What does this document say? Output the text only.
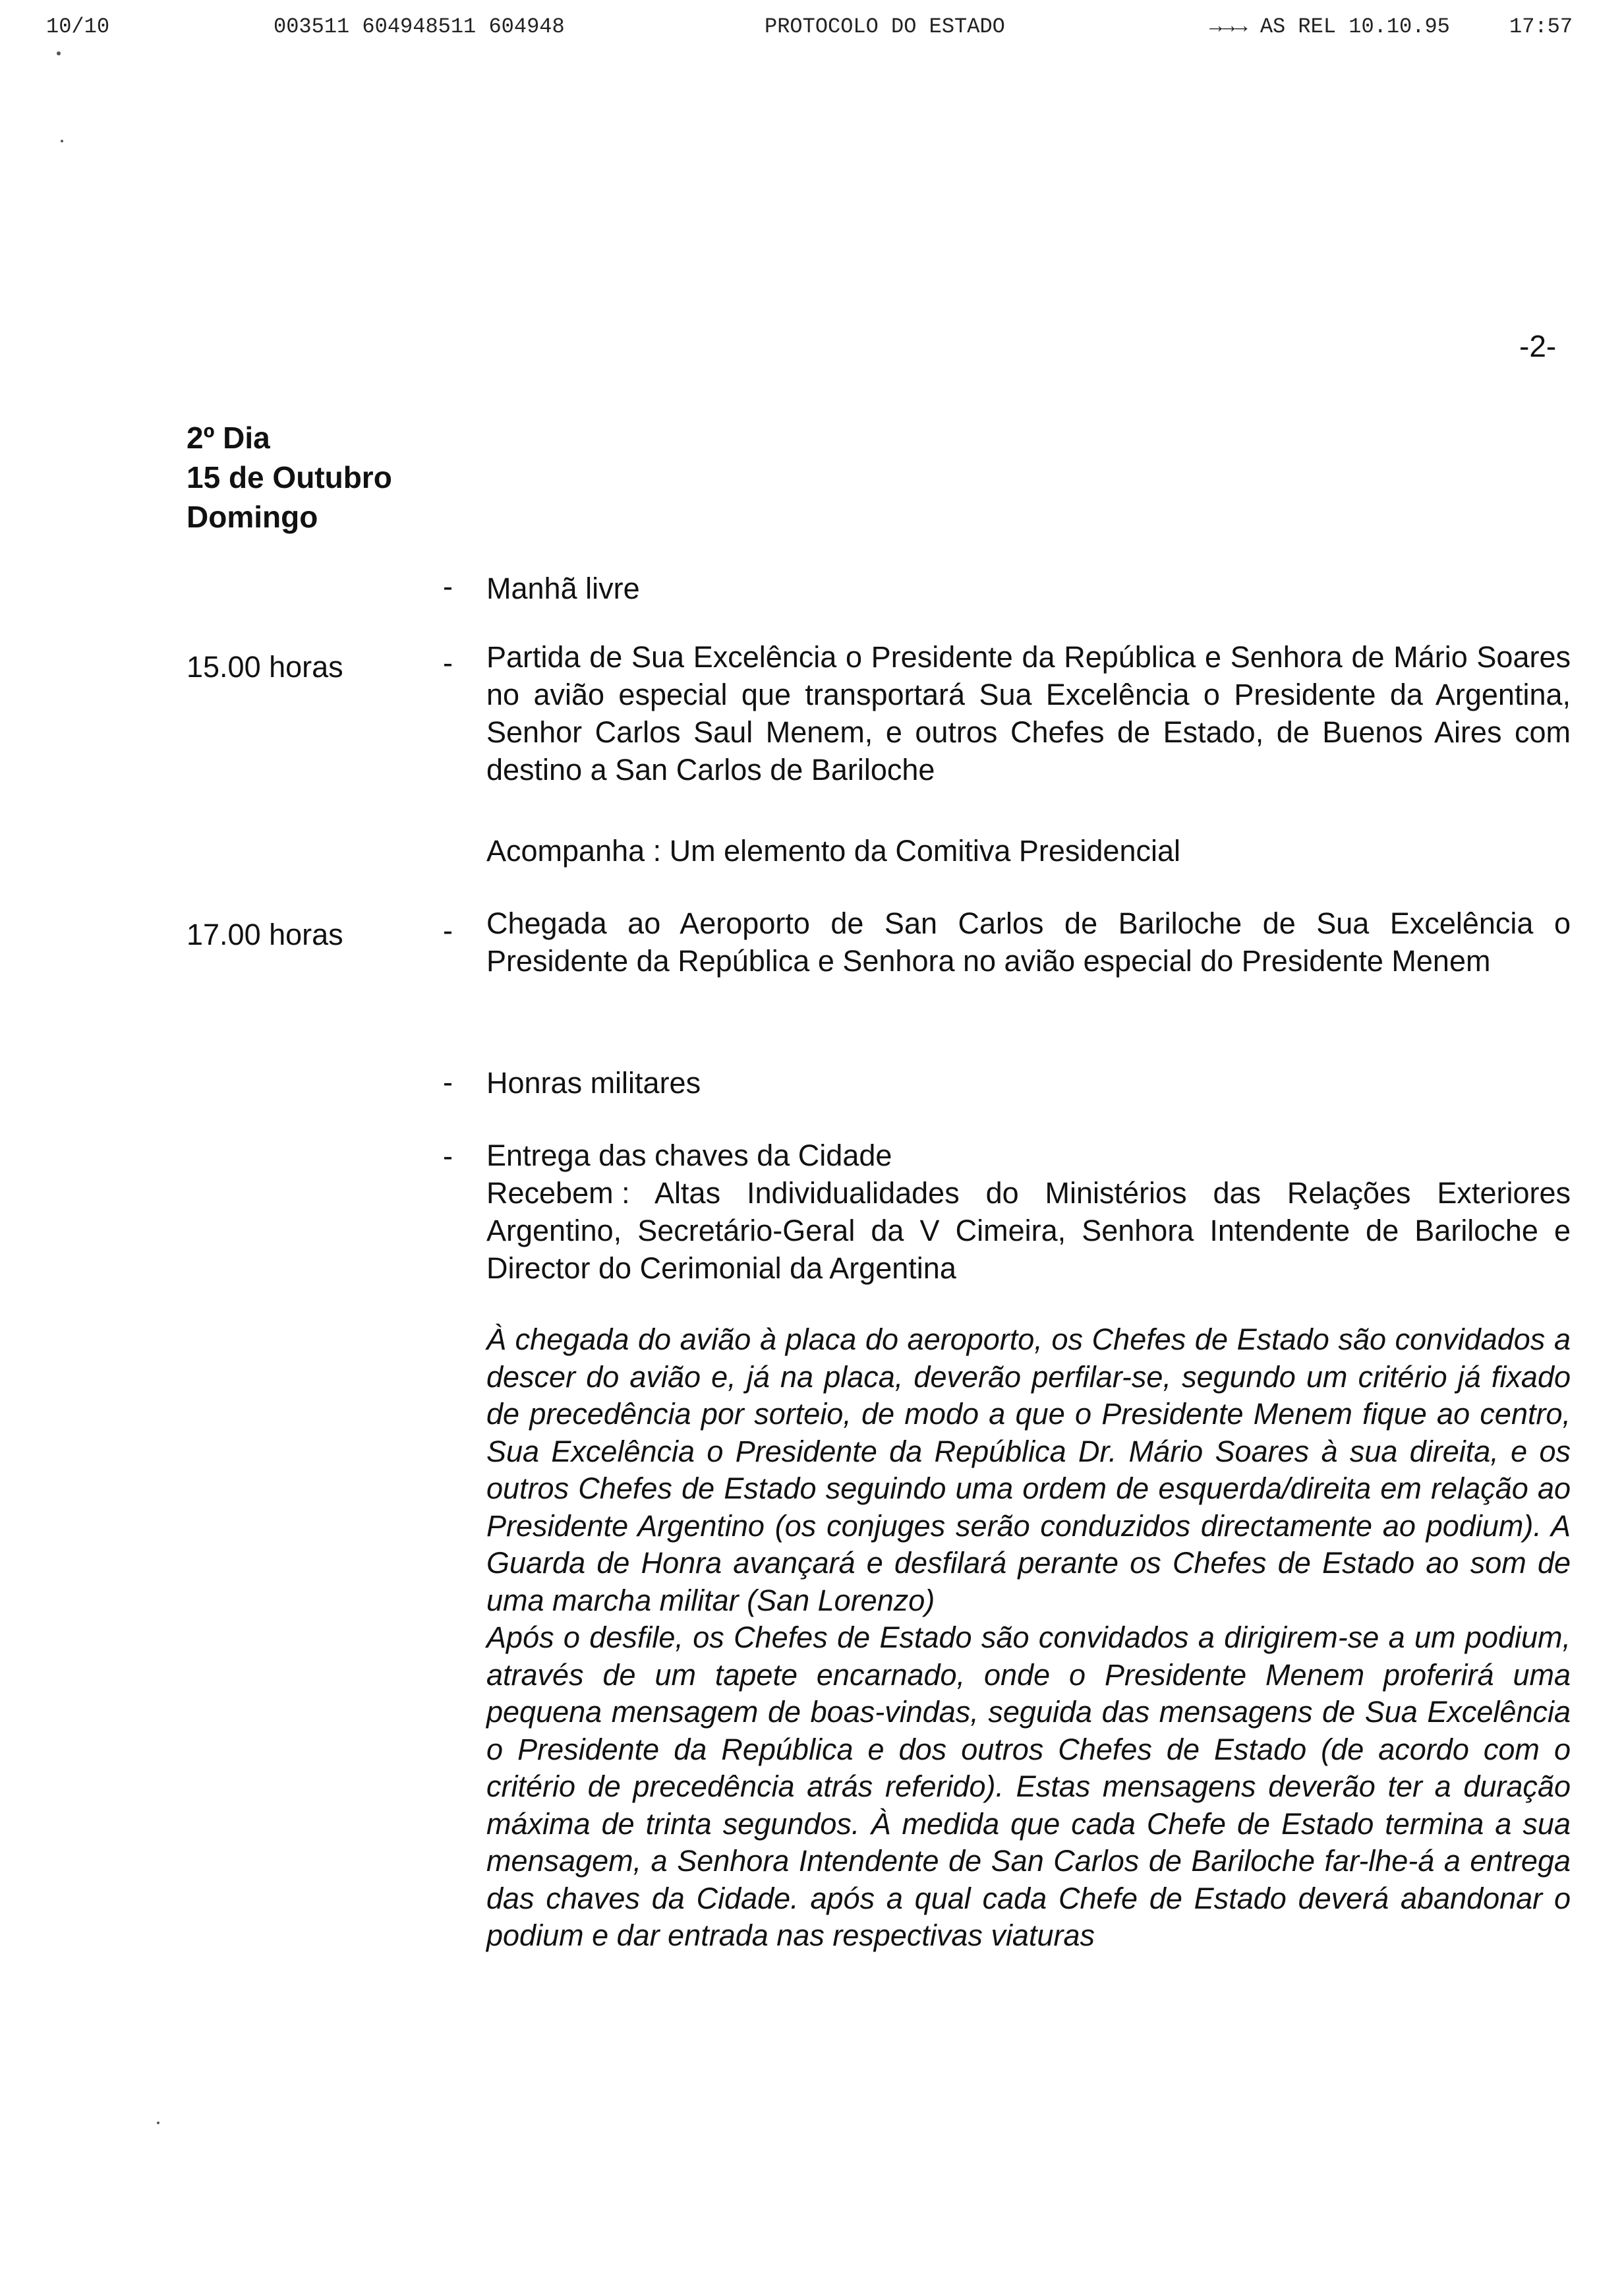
10/10	003511 604948511 604948	PROTOCOLO DO ESTADO	→→→ AS REL 10.10.95	17:57
-2-
2º Dia
15 de Outubro
Domingo
- Manhã livre
15.00 horas	- Partida de Sua Excelência o Presidente da República e Senhora de Mário Soares no avião especial que transportará Sua Excelência o Presidente da Argentina, Senhor Carlos Saul Menem, e outros Chefes de Estado, de Buenos Aires com destino a San Carlos de Bariloche
Acompanha : Um elemento da Comitiva Presidencial
17.00 horas	- Chegada ao Aeroporto de San Carlos de Bariloche de Sua Excelência o Presidente da República e Senhora no avião especial do Presidente Menem
- Honras militares
- Entrega das chaves da Cidade

Recebem : Altas Individualidades do Ministérios das Relações Exteriores Argentino, Secretário-Geral da V Cimeira, Senhora Intendente de Bariloche e Director do Cerimonial da Argentina

À chegada do avião à placa do aeroporto, os Chefes de Estado são convidados a descer do avião e, já na placa, deverão perfilar-se, segundo um critério já fixado de precedência por sorteio, de modo a que o Presidente Menem fique ao centro, Sua Excelência o Presidente da República Dr. Mário Soares à sua direita, e os outros Chefes de Estado seguindo uma ordem de esquerda/direita em relação ao Presidente Argentino (os conjuges serão conduzidos directamente ao podium). A Guarda de Honra avançará e desfilará perante os Chefes de Estado ao som de uma marcha militar (San Lorenzo)

Após o desfile, os Chefes de Estado são convidados a dirigirem-se a um podium, através de um tapete encarnado, onde o Presidente Menem proferirá uma pequena mensagem de boas-vindas, seguida das mensagens de Sua Excelência o Presidente da República e dos outros Chefes de Estado (de acordo com o critério de precedência atrás referido). Estas mensagens deverão ter a duração máxima de trinta segundos. À medida que cada Chefe de Estado termina a sua mensagem, a Senhora Intendente de San Carlos de Bariloche far-lhe-á a entrega das chaves da Cidade. após a qual cada Chefe de Estado deverá abandonar o podium e dar entrada nas respectivas viaturas
